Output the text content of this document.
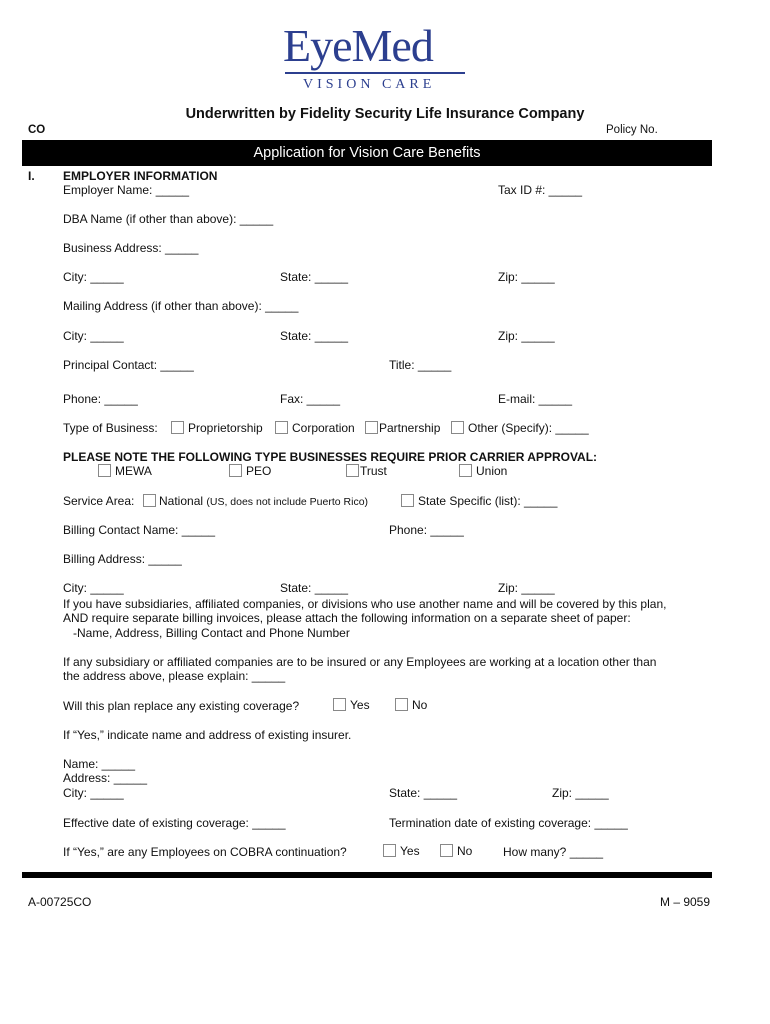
EyeMed
VISION CARE
Underwritten by Fidelity Security Life Insurance Company
CO	Policy No.
Application for Vision Care Benefits
I. EMPLOYER INFORMATION
Employer Name: _____	Tax ID #: _____
DBA Name (if other than above): _____
Business Address: _____
City: _____	State: _____	Zip: _____
Mailing Address (if other than above): _____
City: _____	State: _____	Zip: _____
Principal Contact: _____	Title: _____
Phone: _____	Fax: _____	E-mail: _____
Type of Business:	Proprietorship	Corporation	Partnership	Other (Specify): _____
PLEASE NOTE THE FOLLOWING TYPE BUSINESSES REQUIRE PRIOR CARRIER APPROVAL:
MEWA	PEO	Trust	Union
Service Area:	National (US, does not include Puerto Rico)	State Specific (list): _____
Billing Contact Name: _____	Phone: _____
Billing Address: _____
City: _____	State: _____	Zip: _____
If you have subsidiaries, affiliated companies, or divisions who use another name and will be covered by this plan,
AND require separate billing invoices, please attach the following information on a separate sheet of paper:
-Name, Address, Billing Contact and Phone Number
If any subsidiary or affiliated companies are to be insured or any Employees are working at a location other than
the address above, please explain: _____
Will this plan replace any existing coverage?	Yes	No
If “Yes,” indicate name and address of existing insurer.
Name: _____
Address: _____
City: _____	State: _____	Zip: _____
Effective date of existing coverage: _____	Termination date of existing coverage: _____
If “Yes,” are any Employees on COBRA continuation?	Yes	No	How many? _____
A-00725CO	M – 9059
